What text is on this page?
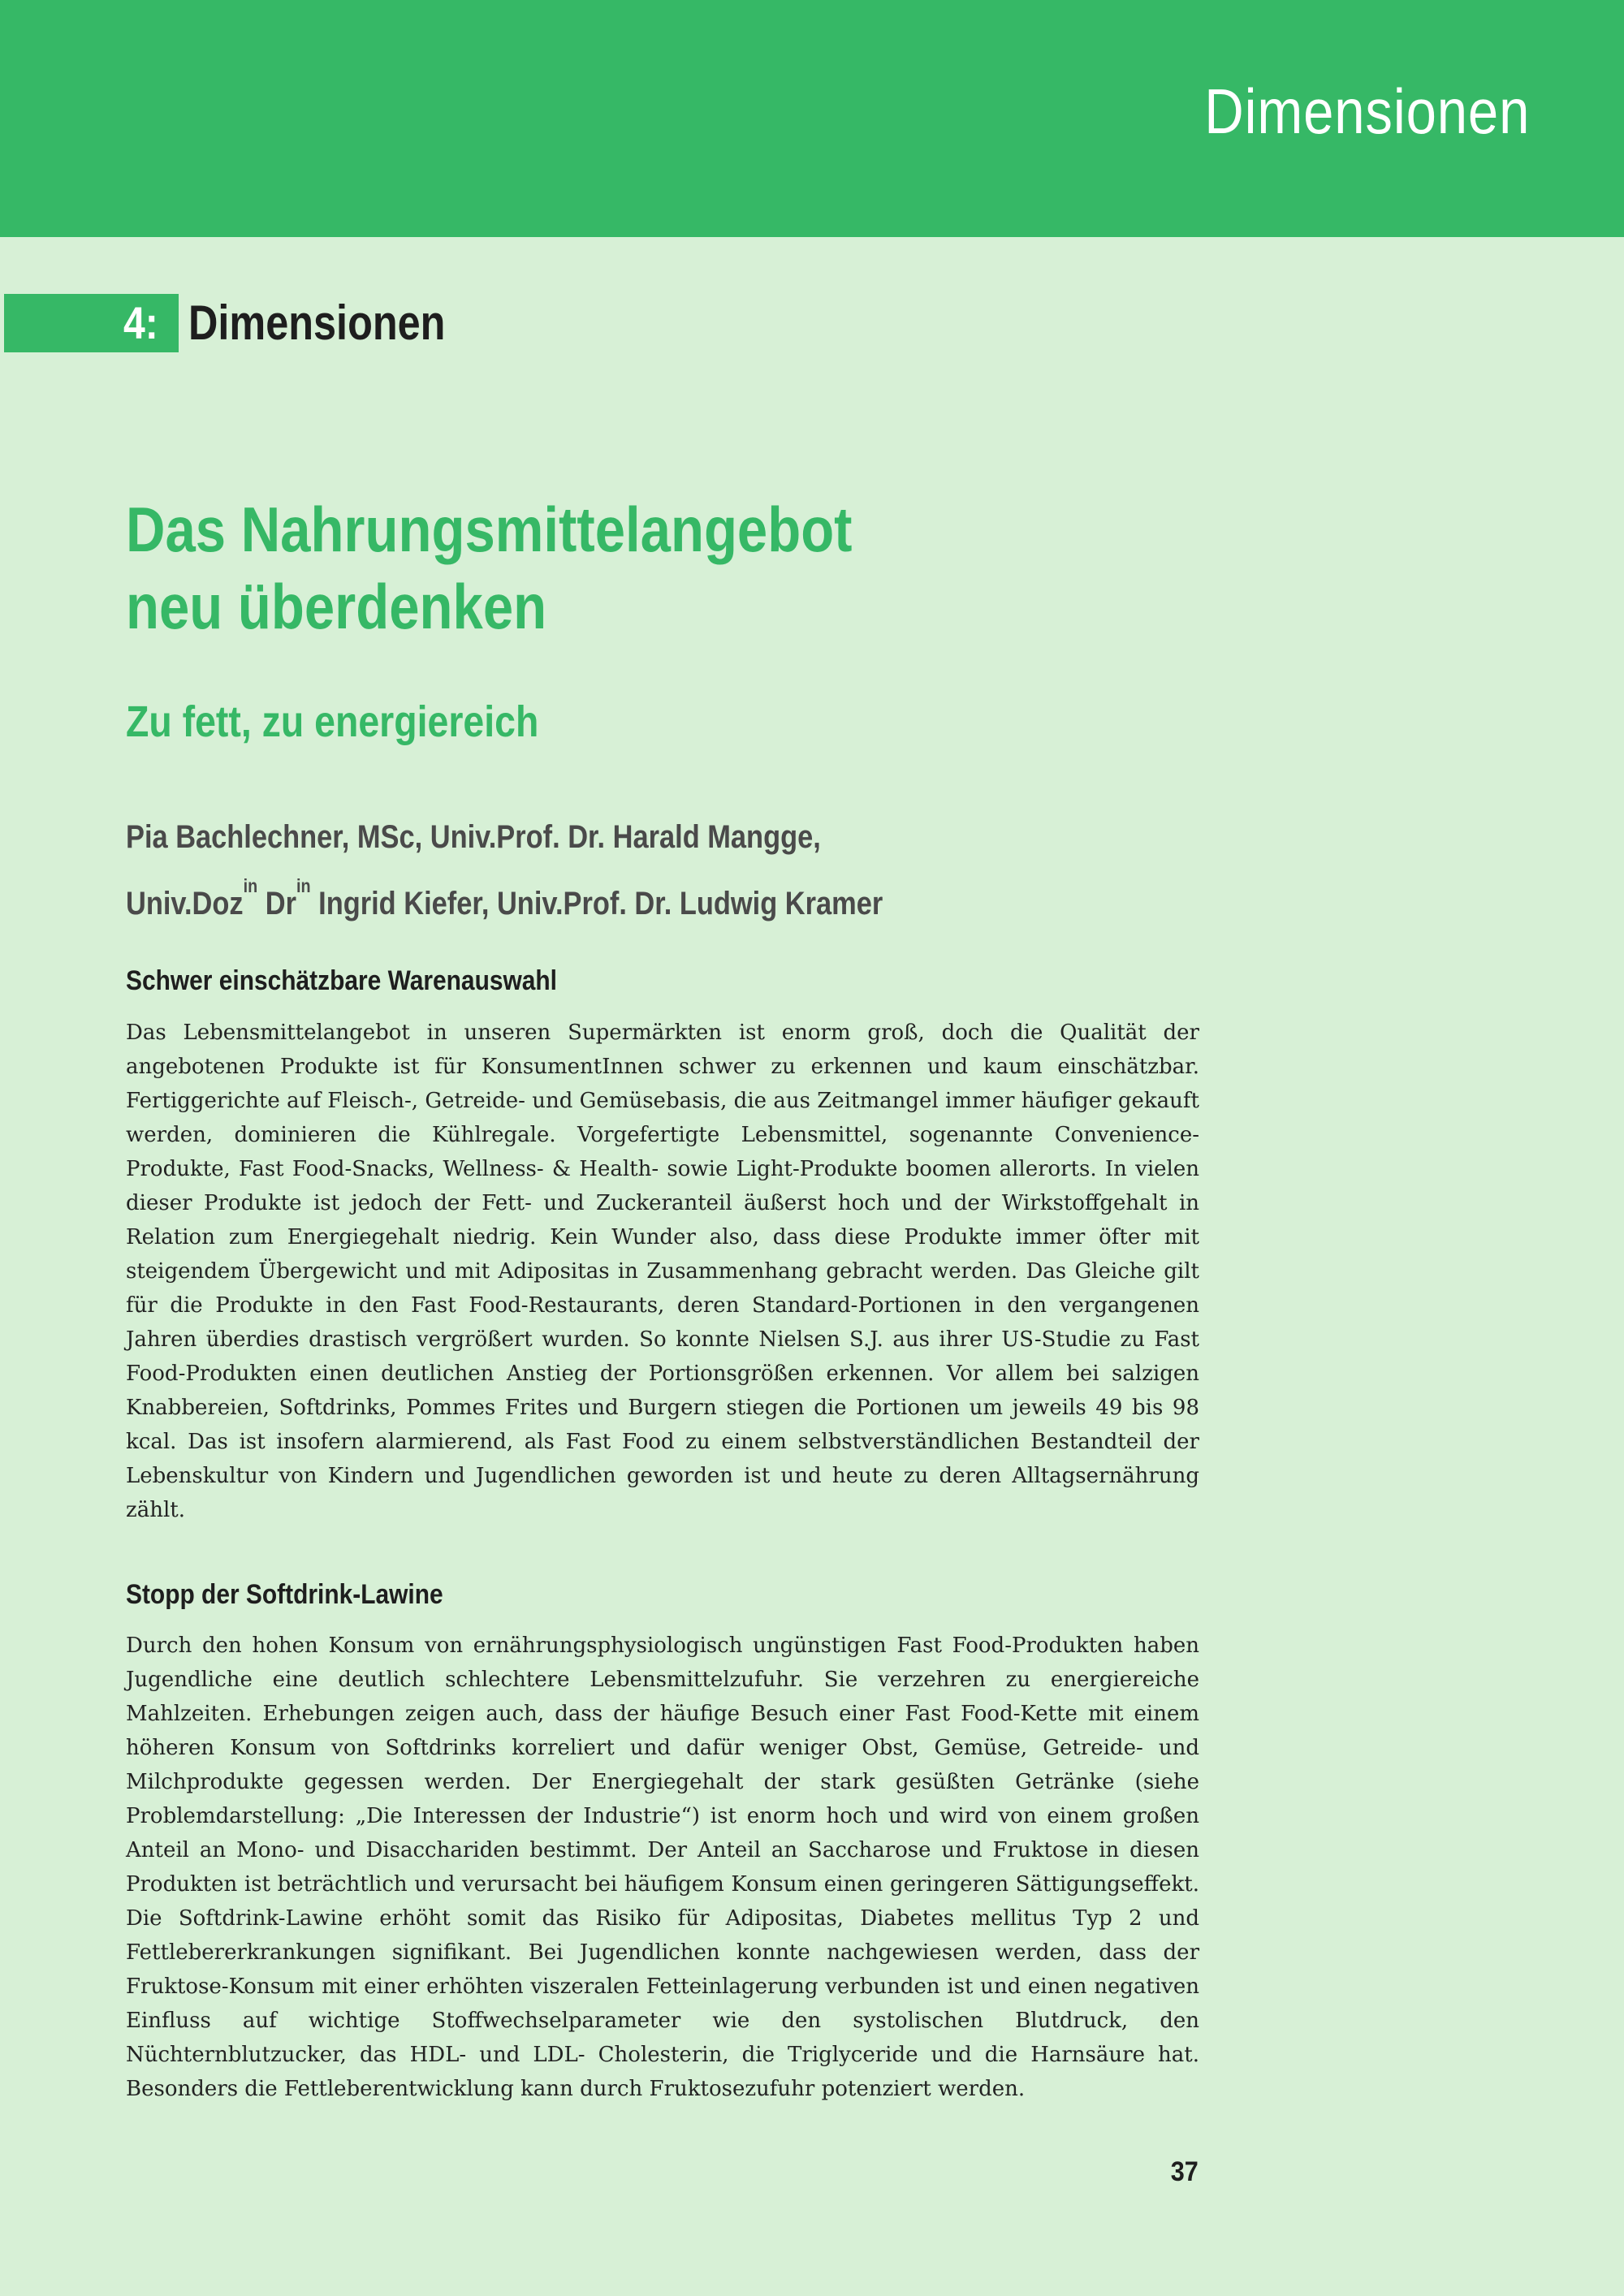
Dimensionen
4: Dimensionen
Das Nahrungsmittelangebot
neu überdenken
Zu fett, zu energiereich
Pia Bachlechner, MSc, Univ.Prof. Dr. Harald Mangge,
Univ.Doz$^{in}$ $Dr^{in}$ Ingrid Kiefer, Univ.Prof. Dr. Ludwig Kramer
Schwer einschätzbare Warenauswahl

Das Lebensmittelangebot in unseren Supermärkten ist enorm groß, doch die Qualität der angebotenen Produkte ist für KonsumentInnen schwer zu erkennen und kaum einschätzbar. Fertiggerichte auf Fleisch-, Getreide- und Gemüsebasis, die aus Zeitmangel immer häufiger gekauft werden, dominieren die Kühlregale. Vorgefertigte Lebensmittel, sogenannte Convenience-Produkte, Fast Food-Snacks, Wellness- & Health- sowie Light-Produkte boomen allerorts. In vielen dieser Produkte ist jedoch der Fett- und Zuckeranteil äußerst hoch und der Wirkstoffgehalt in Relation zum Energiegehalt niedrig. Kein Wunder also, dass diese Produkte immer öfter mit steigendem Übergewicht und mit Adipositas in Zusammenhang gebracht werden. Das Gleiche gilt für die Produkte in den Fast Food-Restaurants, deren Standard-Portionen in den vergangenen Jahren überdies drastisch vergrößert wurden. So konnte Nielsen S.J. aus ihrer US-Studie zu Fast Food-Produkten einen deutlichen Anstieg der Portionsgrößen erkennen. Vor allem bei salzigen Knabbereien, Softdrinks, Pommes Frites und Burgern stiegen die Portionen um jeweils 49 bis 98 kcal. Das ist insofern alarmierend, als Fast Food zu einem selbstverständlichen Bestandteil der Lebenskultur von Kindern und Jugendlichen geworden ist und heute zu deren Alltagsernährung zählt.

Stopp der Softdrink-Lawine

Durch den hohen Konsum von ernährungsphysiologisch ungünstigen Fast Food-Produkten haben Jugendliche eine deutlich schlechtere Lebensmittelzufuhr. Sie verzehren zu energiereiche Mahlzeiten. Erhebungen zeigen auch, dass der häufige Besuch einer Fast Food-Kette mit einem höheren Konsum von Softdrinks korreliert und dafür weniger Obst, Gemüse, Getreide- und Milchprodukte gegessen werden. Der Energiegehalt der stark gesüßten Getränke (siehe Problemdarstellung: „Die Interessen der Industrie“) ist enorm hoch und wird von einem großen Anteil an Mono- und Disacchariden bestimmt. Der Anteil an Saccharose und Fruktose in diesen Produkten ist beträchtlich und verursacht bei häufigem Konsum einen geringeren Sättigungseffekt. Die Softdrink-Lawine erhöht somit das Risiko für Adipositas, Diabetes mellitus Typ 2 und Fettlebererkrankungen signifikant. Bei Jugendlichen konnte nachgewiesen werden, dass der Fruktose-Konsum mit einer erhöhten viszeralen Fetteinlagerung verbunden ist und einen negativen Einfluss auf wichtige Stoffwechselparameter wie den systolischen Blutdruck, den Nüchternblutzucker, das HDL- und LDL- Cholesterin, die Triglyceride und die Harnsäure hat. Besonders die Fettleberentwicklung kann durch Fruktosezufuhr potenziert werden.

37
